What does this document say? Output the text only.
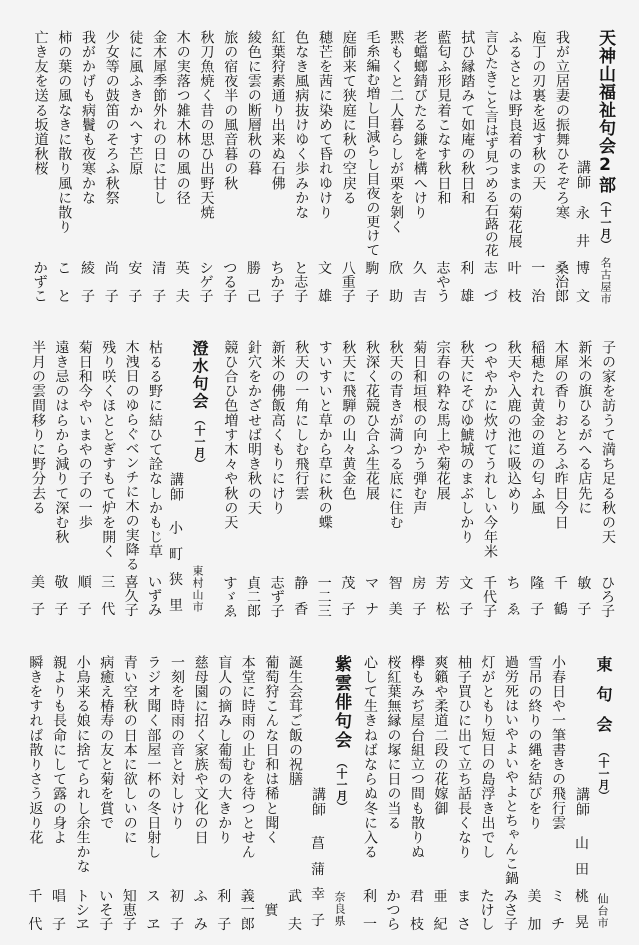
天神山福祉句会2部
（十一月）
名古屋市
講師
永
井
博
文
我が立居妻の振舞ひそぞろ寒
桑
治
郎
庖丁の刃裏を返す秋の天
一
治
ふるさとは野良着のままの菊花展
叶
枝
言ひたきこと言はず見つめる石蕗の花
志
づ
拭ひ縁踏みて如庵の秋日和
利
雄
藍匂ふ形見着こなす秋日和
志
や
う
老蟷螂錆びたる鎌を構へけり
久
吉
黙もくと二人暮らしが栗を剝く
欣
助
毛糸編む増し目減らし目夜の更けて
駒
子
庭師来て狭庭に秋の空戻る
八
重
子
穂芒を茜に染めて昏れゆけり
文
雄
色なき風病抜けゆく歩みかな
と
志
子
紅葉狩素通り出来ぬ石佛
ち
か
子
綾色に雲の断層秋の暮
勝
己
旅の宿夜半の風音暮の秋
つ
る
子
秋刀魚焼く昔の思ひ出野天焼
シ
ゲ
子
木の実落つ雑木林の風の径
英
夫
金木犀季節外れの日に甘し
清
子
徒に風ふきかへす芒原
安
子
少女等の鼓笛のそろふ秋祭
尚
子
我がかげも病鬢も夜寒かな
綾
子
柿の葉の風なきに散り風に散り
こ
と
亡き友を送る坂道秋桜
か
ず
こ
子の家を訪うて満ち足る秋の天
ひ
ろ
子
新米の旗ひるがへる店先に
敏
子
木犀の香りおとろふ昨日今日
千
鶴
稲穂たれ黄金の道の匂ふ風
隆
子
秋天や入鹿の池に吸込めり
ち
ゑ
つややかに炊けてうれしい今年米
千
代
子
秋天にそびゆ鯱城のまぶしかり
文
子
宗春の粋な馬上や菊花展
芳
松
菊日和垣根の向かう弾む声
房
子
秋天の青きが満つる底に住む
智
美
秋深く花競ひ合ふ生花展
マ
ナ
秋天に飛騨の山々黄金色
茂
子
すいすいと草から草に秋の蝶
一
二
三
秋天の一角にしむ飛行雲
静
香
新米の佛飯高くもりにけり
志
ず
子
針穴をかざせば明き秋の天
貞
二
郎
競ひ合ひ色増す木々や秋の天
す
ゞ
ゑ
澄水句会
（十一月）
東村山市
講師
小
町
狭
里
枯るる野に結ひて詮なしかもじ草
い
ず
み
木洩日のゆらぐベンチに木の実降る
喜
久
子
残り咲くほととぎすもて炉を開く
三
代
菊日和今やいまやの子の一歩
順
子
遠き忌のはらから減りて深む秋
敬
子
半月の雲間移りに野分去る
美
子
東句会
（十一月）
仙台市
講師
山
田
桃
晃
小春日や一筆書きの飛行雲
ミ
チ
雪吊の終りの縄を結びをり
美
加
過労死はいやよいやよとちゃんこ鍋
み
さ
子
灯がともり短日の島浮き出でし
た
け
し
柚子買ひに出て立ち話長くなり
ま
さ
爽籟や柔道二段の花嫁御
亜
紀
欅もみぢ屋台組立つ間も散りぬ
君
枝
桜紅葉無縁の塚に日の当る
か
つ
ら
心して生きねばならぬ冬に入る
利
一
紫雲俳句会
（十一月）
奈良県
講師
菖
蒲
幸
子
誕生会茸ご飯の祝膳
武
夫
葡萄狩こんな日和は稀と聞く
實
本堂に時雨の止むを待つとせん
義
一
郎
盲人の摘みし葡萄の大きかり
利
子
慈母園に招く家族や文化の日
ふ
み
一刻を時雨の音と対しけり
初
子
ラジオ聞く部屋一杯の冬日射し
ス
ヱ
青い空秋の日本に欲しいのに
知
恵
子
病癒え椿寿の友と菊を賞で
い
そ
子
小鳥来る娘に捨てられし余生かな
ト
シ
ヱ
親よりも長命にして露の身よ
唱
子
瞬きをすれば散りさう返り花
千
代
